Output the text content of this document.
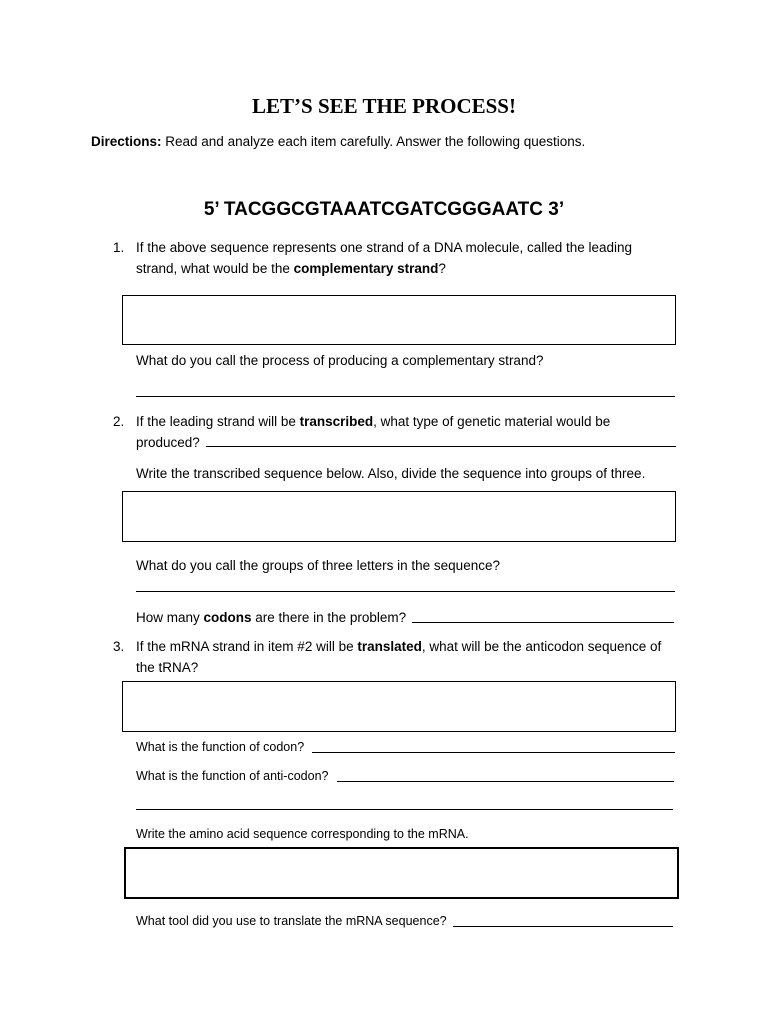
LET’S SEE THE PROCESS!
Directions: Read and analyze each item carefully. Answer the following questions.
5’ TACGGCGTAAATCGATCGGGAATC 3’
1. If the above sequence represents one strand of a DNA molecule, called the leading strand, what would be the complementary strand?
What do you call the process of producing a complementary strand?
2. If the leading strand will be transcribed, what type of genetic material would be produced?
Write the transcribed sequence below. Also, divide the sequence into groups of three.
What do you call the groups of three letters in the sequence?
How many codons are there in the problem?
3. If the mRNA strand in item #2 will be translated, what will be the anticodon sequence of the tRNA?
What is the function of codon?
What is the function of anti-codon?
Write the amino acid sequence corresponding to the mRNA.
What tool did you use to translate the mRNA sequence?
